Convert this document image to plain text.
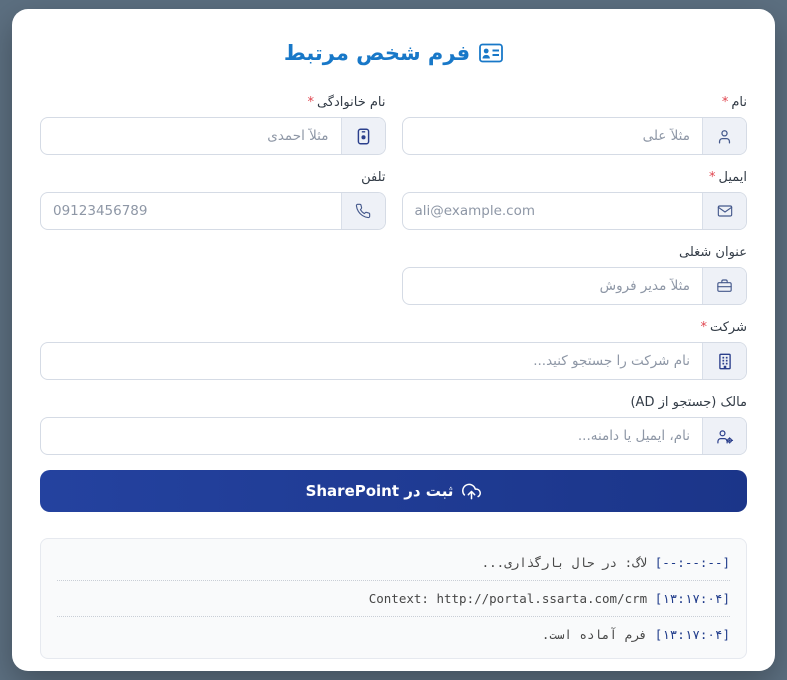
فرم شخص مرتبط
نام*
مثلاً علی
نام خانوادگی*
مثلاً احمدی
ایمیل*
ali@example.com
تلفن
09123456789
عنوان شغلی
مثلاً مدیر فروش
شرکت*
نام شرکت را جستجو کنید...
مالک (جستجو از AD)
نام، ایمیل یا دامنه...
ثبت در SharePoint
[--:--:--] لاگ: در حال بارگذاری...
[۱۳:۱۷:۰۴] Context: http://portal.ssarta.com/crm
[۱۳:۱۷:۰۴] فرم آماده است.
